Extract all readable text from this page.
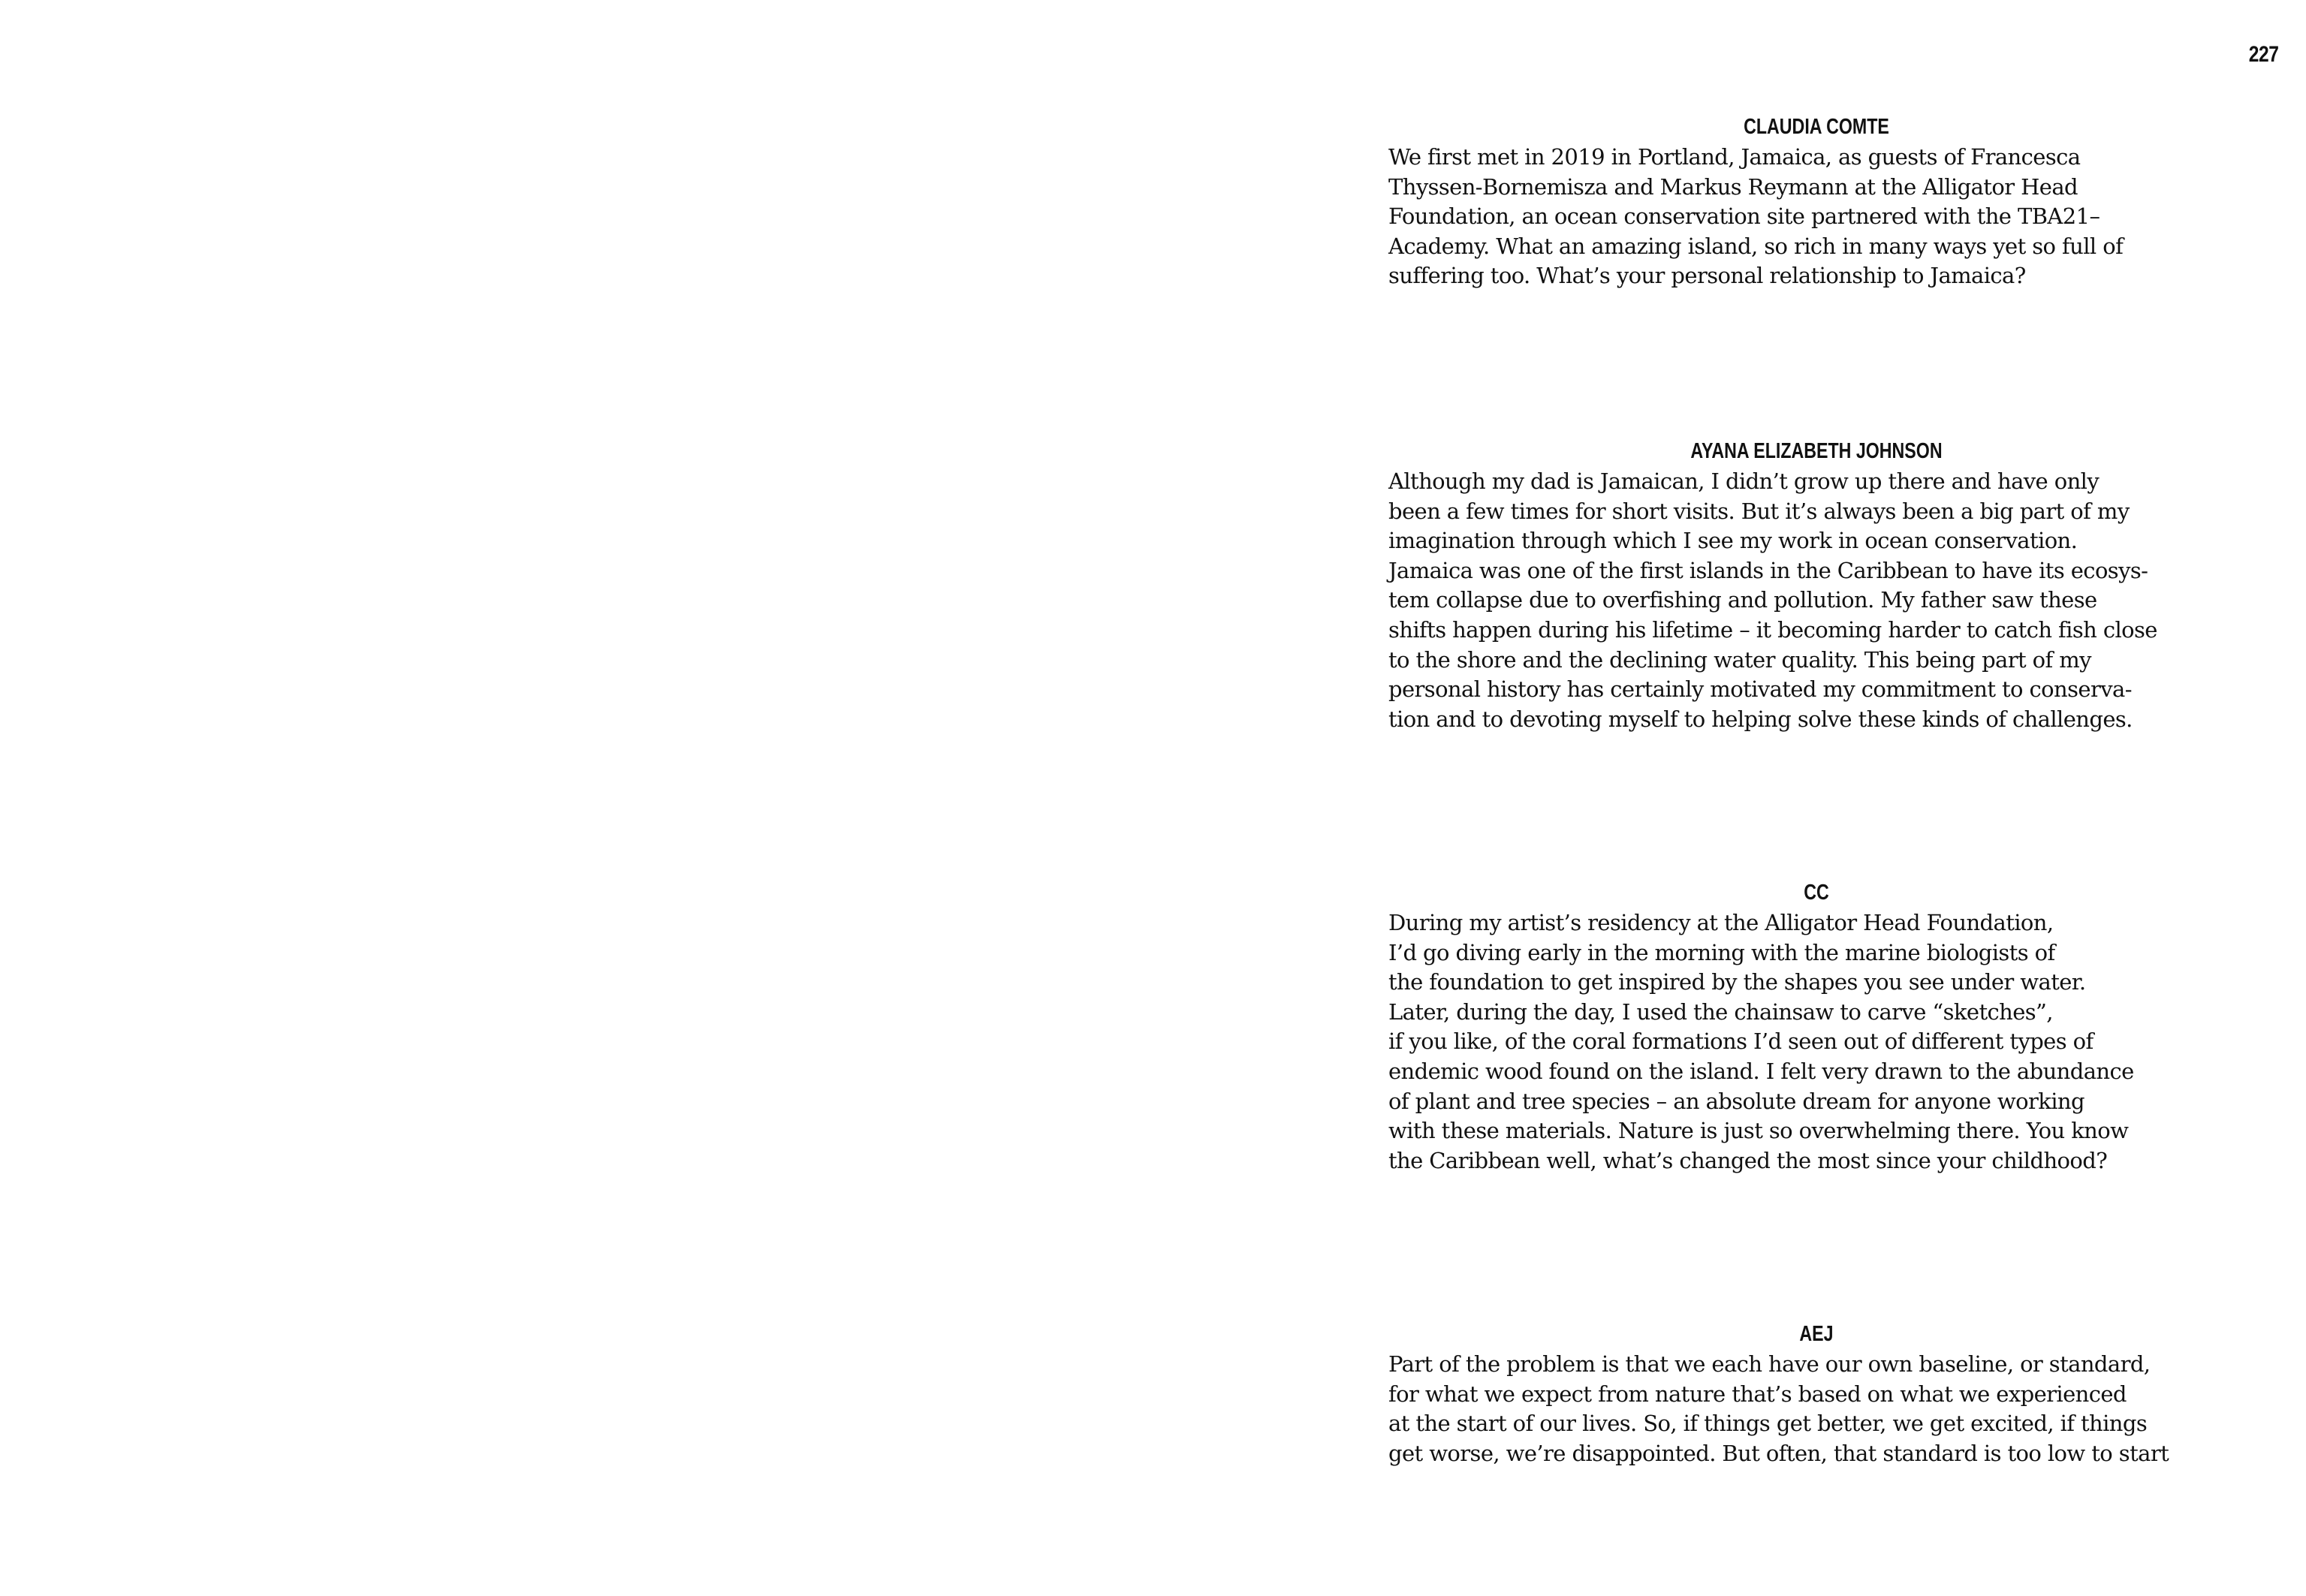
227
CLAUDIA COMTE
We first met in 2019 in Portland, Jamaica, as guests of Francesca
Thyssen-Bornemisza and Markus Reymann at the Alligator Head
Foundation, an ocean conservation site partnered with the TBA21–
Academy. What an amazing island, so rich in many ways yet so full of
suffering too. What’s your personal relationship to Jamaica?
AYANA ELIZABETH JOHNSON
Although my dad is Jamaican, I didn’t grow up there and have only
been a few times for short visits. But it’s always been a big part of my
imagination through which I see my work in ocean conservation.
Jamaica was one of the first islands in the Caribbean to have its ecosys-
tem collapse due to overfishing and pollution. My father saw these
shifts happen during his lifetime – it becoming harder to catch fish close
to the shore and the declining water quality. This being part of my
personal history has certainly motivated my commitment to conserva-
tion and to devoting myself to helping solve these kinds of challenges.
CC
During my artist’s residency at the Alligator Head Foundation,
I’d go diving early in the morning with the marine biologists of
the foundation to get inspired by the shapes you see under water.
Later, during the day, I used the chainsaw to carve “sketches”,
if you like, of the coral formations I’d seen out of different types of
endemic wood found on the island. I felt very drawn to the abundance
of plant and tree species – an absolute dream for anyone working
with these materials. Nature is just so overwhelming there. You know
the Caribbean well, what’s changed the most since your childhood?
AEJ
Part of the problem is that we each have our own baseline, or standard,
for what we expect from nature that’s based on what we experienced
at the start of our lives. So, if things get better, we get excited, if things
get worse, we’re disappointed. But often, that standard is too low to start
